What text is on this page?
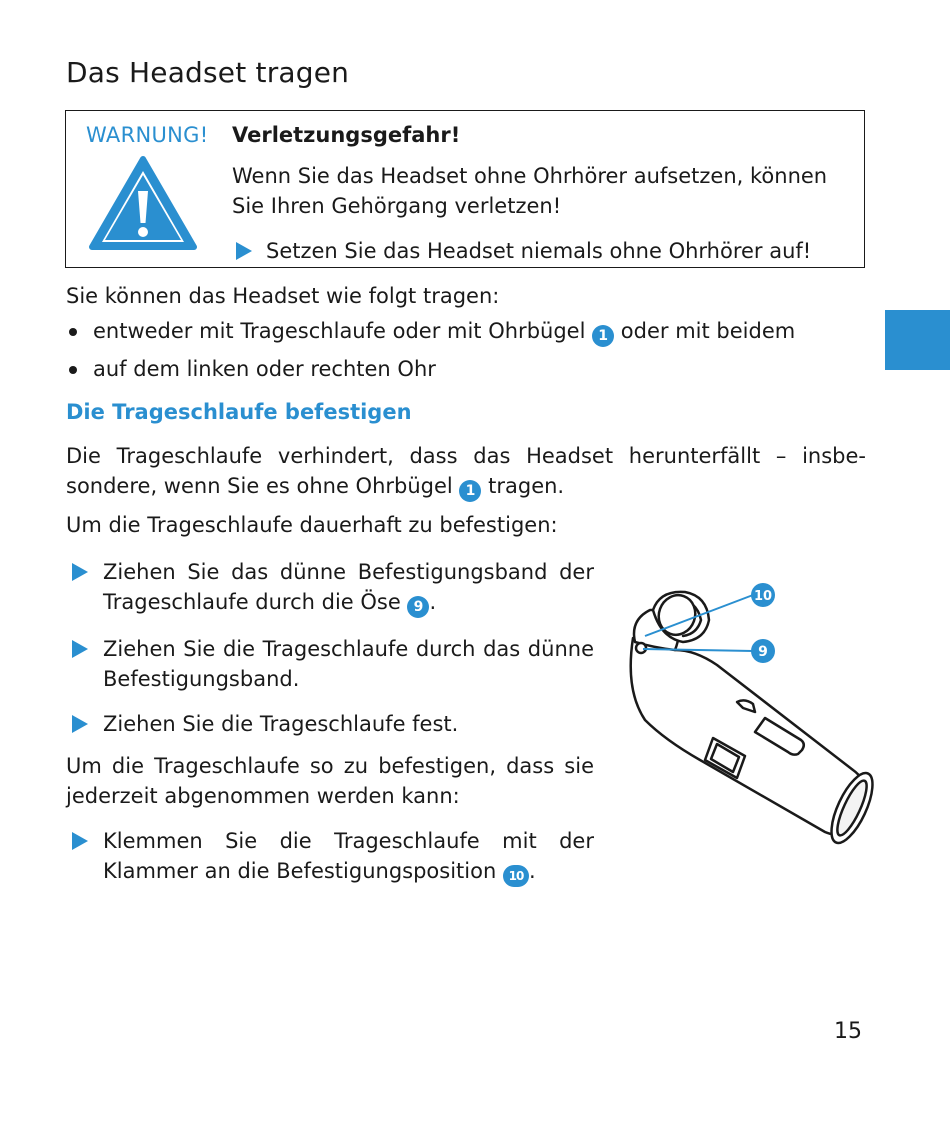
Das Headset tragen
WARNUNG! Verletzungsgefahr!
Wenn Sie das Headset ohne Ohrhörer aufsetzen, können Sie Ihren Gehörgang verletzen!
Setzen Sie das Headset niemals ohne Ohrhörer auf!
Sie können das Headset wie folgt tragen:
entweder mit Trageschlaufe oder mit Ohrbügel 1 oder mit beidem
auf dem linken oder rechten Ohr
Die Trageschlaufe befestigen
Die Trageschlaufe verhindert, dass das Headset herunterfällt – insbe-sondere, wenn Sie es ohne Ohrbügel 1 tragen.
Um die Trageschlaufe dauerhaft zu befestigen:
Ziehen Sie das dünne Befestigungsband der Trageschlaufe durch die Öse 9 .
Ziehen Sie die Trageschlaufe durch das dünne Befestigungsband.
Ziehen Sie die Trageschlaufe fest.
Um die Trageschlaufe so zu befestigen, dass sie jederzeit abgenommen werden kann:
Klemmen Sie die Trageschlaufe mit der Klammer an die Befestigungsposition 10 .
10
9
15
